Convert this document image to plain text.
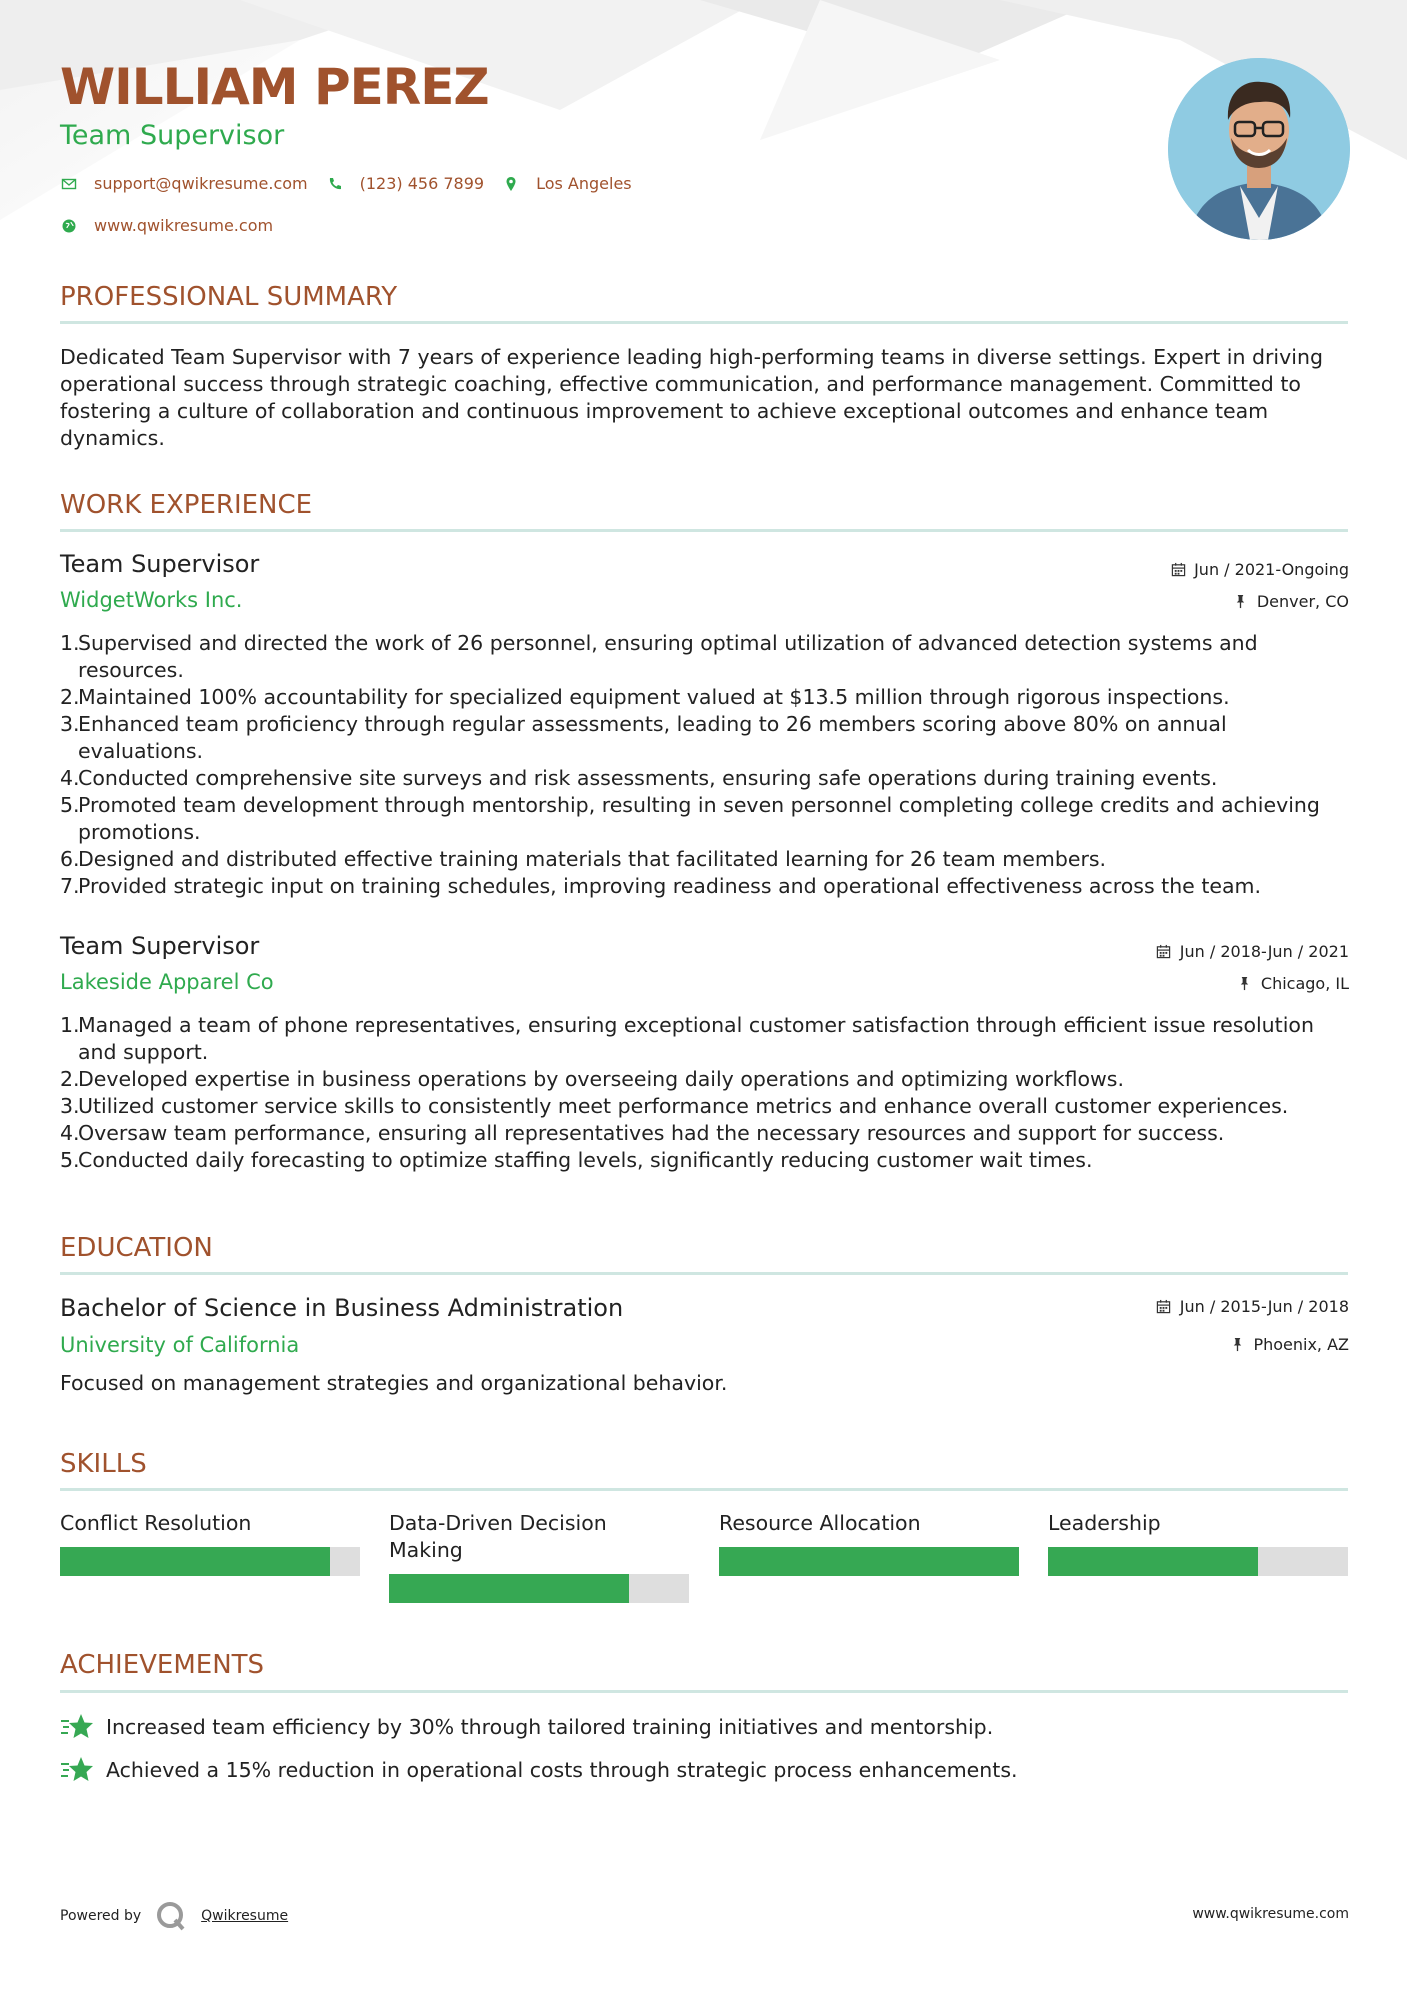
WILLIAM PEREZ
Team Supervisor
support@qwikresume.com	(123) 456 7899	Los Angeles
www.qwikresume.com
PROFESSIONAL SUMMARY
Dedicated Team Supervisor with 7 years of experience leading high-performing teams in diverse settings. Expert in driving operational success through strategic coaching, effective communication, and performance management. Committed to fostering a culture of collaboration and continuous improvement to achieve exceptional outcomes and enhance team dynamics.
WORK EXPERIENCE
Team Supervisor
WidgetWorks Inc.
Jun / 2021-Ongoing
Denver, CO
1.
Supervised and directed the work of 26 personnel, ensuring optimal utilization of advanced detection systems and resources.
2.
Maintained 100% accountability for specialized equipment valued at $13.5 million through rigorous inspections.
3.
Enhanced team proficiency through regular assessments, leading to 26 members scoring above 80% on annual evaluations.
4.
Conducted comprehensive site surveys and risk assessments, ensuring safe operations during training events.
5.
Promoted team development through mentorship, resulting in seven personnel completing college credits and achieving promotions.
6.
Designed and distributed effective training materials that facilitated learning for 26 team members.
7.
Provided strategic input on training schedules, improving readiness and operational effectiveness across the team.
Team Supervisor
Lakeside Apparel Co
Jun / 2018-Jun / 2021
Chicago, IL
1.
Managed a team of phone representatives, ensuring exceptional customer satisfaction through efficient issue resolution and support.
2.
Developed expertise in business operations by overseeing daily operations and optimizing workflows.
3.
Utilized customer service skills to consistently meet performance metrics and enhance overall customer experiences.
4.
Oversaw team performance, ensuring all representatives had the necessary resources and support for success.
5.
Conducted daily forecasting to optimize staffing levels, significantly reducing customer wait times.
EDUCATION
Bachelor of Science in Business Administration
University of California
Jun / 2015-Jun / 2018
Phoenix, AZ
Focused on management strategies and organizational behavior.
SKILLS
Conflict Resolution	Data-Driven Decision Making
Resource Allocation	Leadership
ACHIEVEMENTS
Increased team efficiency by 30% through tailored training initiatives and mentorship.
Achieved a 15% reduction in operational costs through strategic process enhancements.
Powered by	Qwikresume	www.qwikresume.com
